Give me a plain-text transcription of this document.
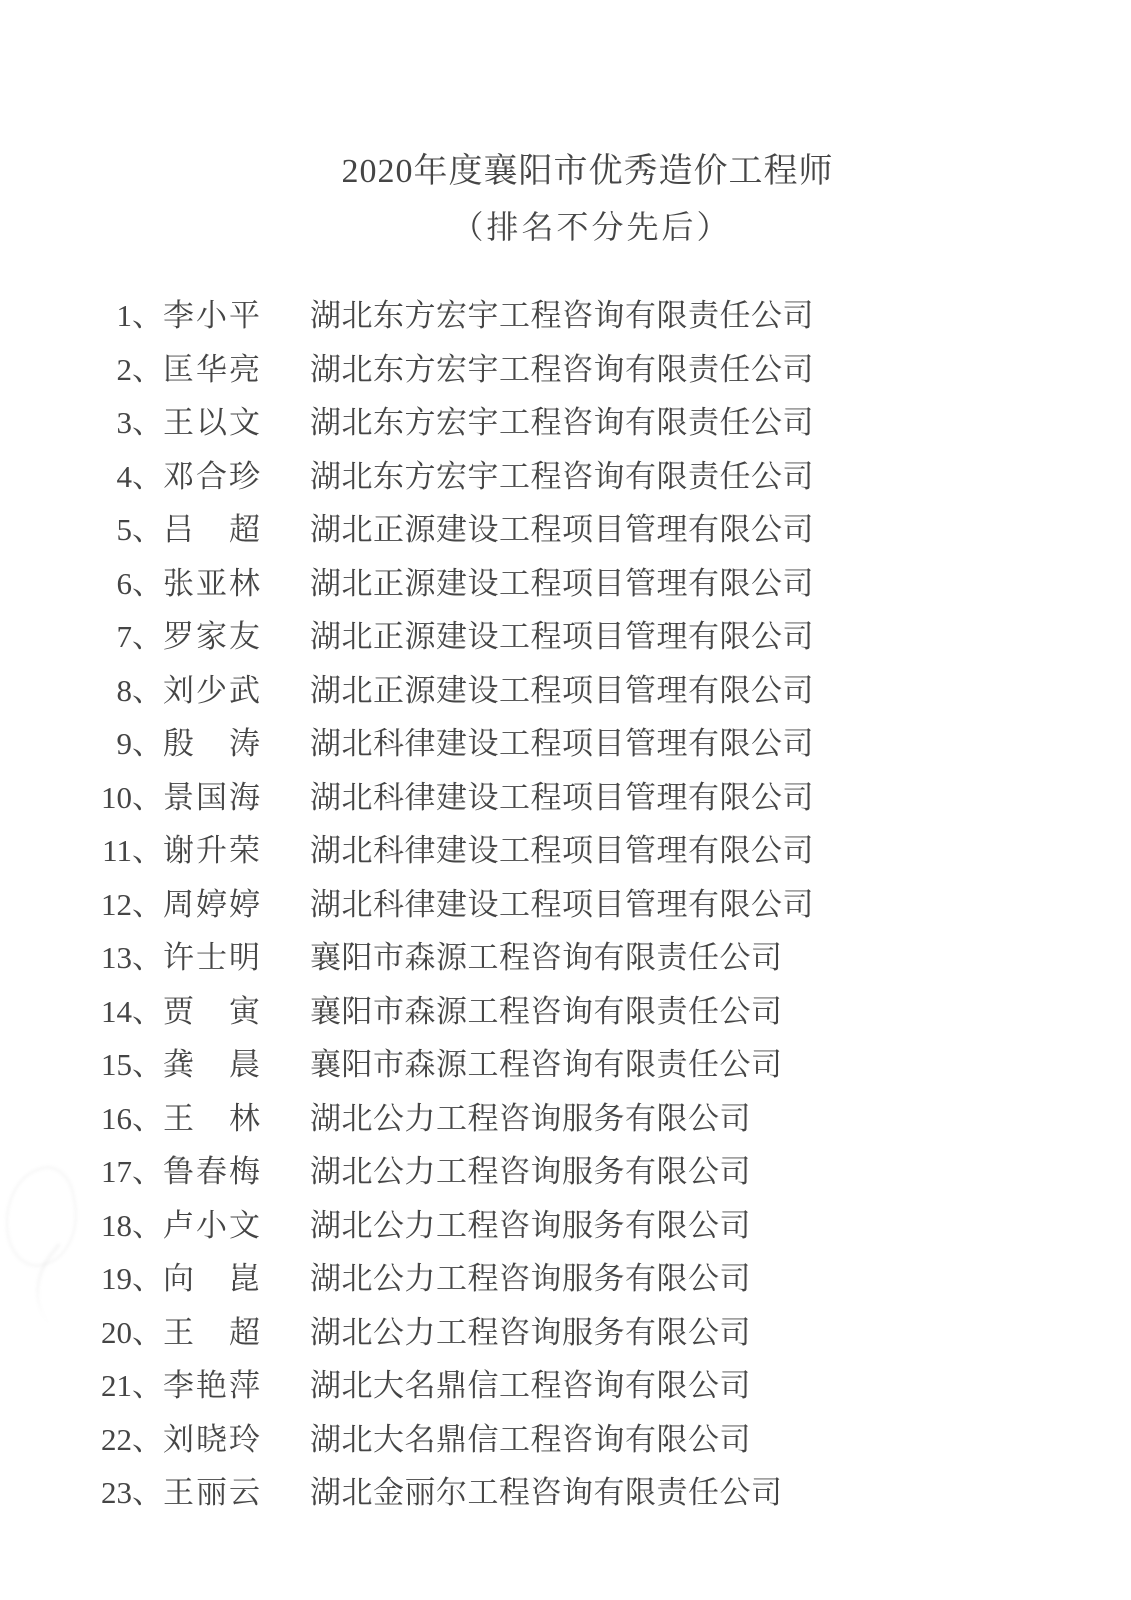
2020年度襄阳市优秀造价工程师
（排名不分先后）
1、 李小平	湖北东方宏宇工程咨询有限责任公司
2、 匡华亮	湖北东方宏宇工程咨询有限责任公司
3、 王以文	湖北东方宏宇工程咨询有限责任公司
4、 邓合珍	湖北东方宏宇工程咨询有限责任公司
5、 吕　超	湖北正源建设工程项目管理有限公司
6、 张亚林	湖北正源建设工程项目管理有限公司
7、 罗家友	湖北正源建设工程项目管理有限公司
8、 刘少武	湖北正源建设工程项目管理有限公司
9、 殷　涛	湖北科律建设工程项目管理有限公司
10、 景国海	湖北科律建设工程项目管理有限公司
11、 谢升荣	湖北科律建设工程项目管理有限公司
12、 周婷婷	湖北科律建设工程项目管理有限公司
13、 许士明	襄阳市森源工程咨询有限责任公司
14、 贾　寅	襄阳市森源工程咨询有限责任公司
15、 龚　晨	襄阳市森源工程咨询有限责任公司
16、 王　林	湖北公力工程咨询服务有限公司
17、 鲁春梅	湖北公力工程咨询服务有限公司
18、 卢小文	湖北公力工程咨询服务有限公司
19、 向　崑	湖北公力工程咨询服务有限公司
20、 王　超	湖北公力工程咨询服务有限公司
21、 李艳萍	湖北大名鼎信工程咨询有限公司
22、 刘晓玲	湖北大名鼎信工程咨询有限公司
23、 王丽云	湖北金丽尔工程咨询有限责任公司
